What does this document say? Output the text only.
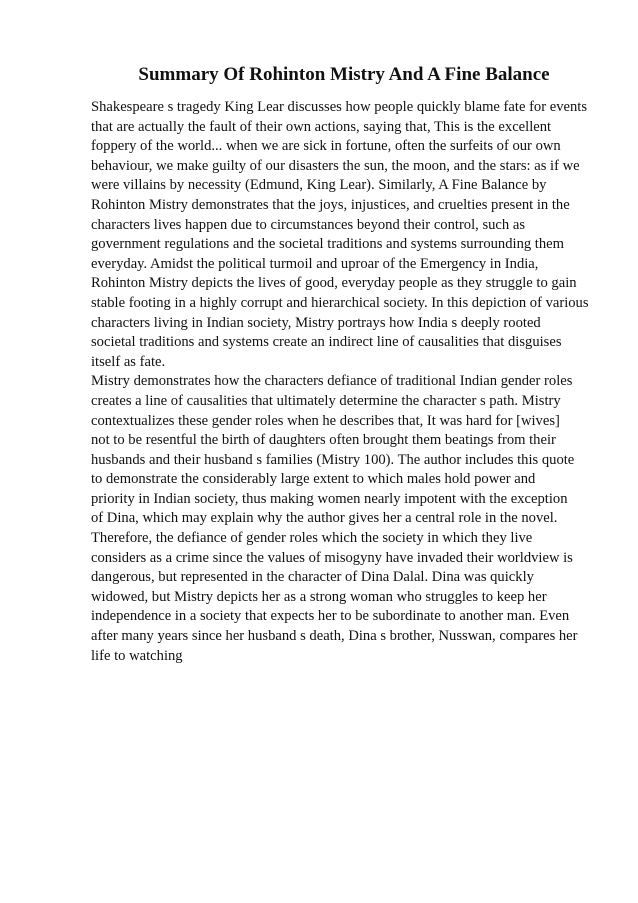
Summary Of Rohinton Mistry And A Fine Balance
Shakespeare s tragedy King Lear discusses how people quickly blame fate for events
that are actually the fault of their own actions, saying that, This is the excellent
foppery of the world... when we are sick in fortune, often the surfeits of our own
behaviour, we make guilty of our disasters the sun, the moon, and the stars: as if we
were villains by necessity (Edmund, King Lear). Similarly, A Fine Balance by
Rohinton Mistry demonstrates that the joys, injustices, and cruelties present in the
characters lives happen due to circumstances beyond their control, such as
government regulations and the societal traditions and systems surrounding them
everyday. Amidst the political turmoil and uproar of the Emergency in India,
Rohinton Mistry depicts the lives of good, everyday people as they struggle to gain
stable footing in a highly corrupt and hierarchical society. In this depiction of various
characters living in Indian society, Mistry portrays how India s deeply rooted
societal traditions and systems create an indirect line of causalities that disguises
itself as fate.
Mistry demonstrates how the characters defiance of traditional Indian gender roles
creates a line of causalities that ultimately determine the character s path. Mistry
contextualizes these gender roles when he describes that, It was hard for [wives]
not to be resentful the birth of daughters often brought them beatings from their
husbands and their husband s families (Mistry 100). The author includes this quote
to demonstrate the considerably large extent to which males hold power and
priority in Indian society, thus making women nearly impotent with the exception
of Dina, which may explain why the author gives her a central role in the novel.
Therefore, the defiance of gender roles which the society in which they live
considers as a crime since the values of misogyny have invaded their worldview is
dangerous, but represented in the character of Dina Dalal. Dina was quickly
widowed, but Mistry depicts her as a strong woman who struggles to keep her
independence in a society that expects her to be subordinate to another man. Even
after many years since her husband s death, Dina s brother, Nusswan, compares her
life to watching
